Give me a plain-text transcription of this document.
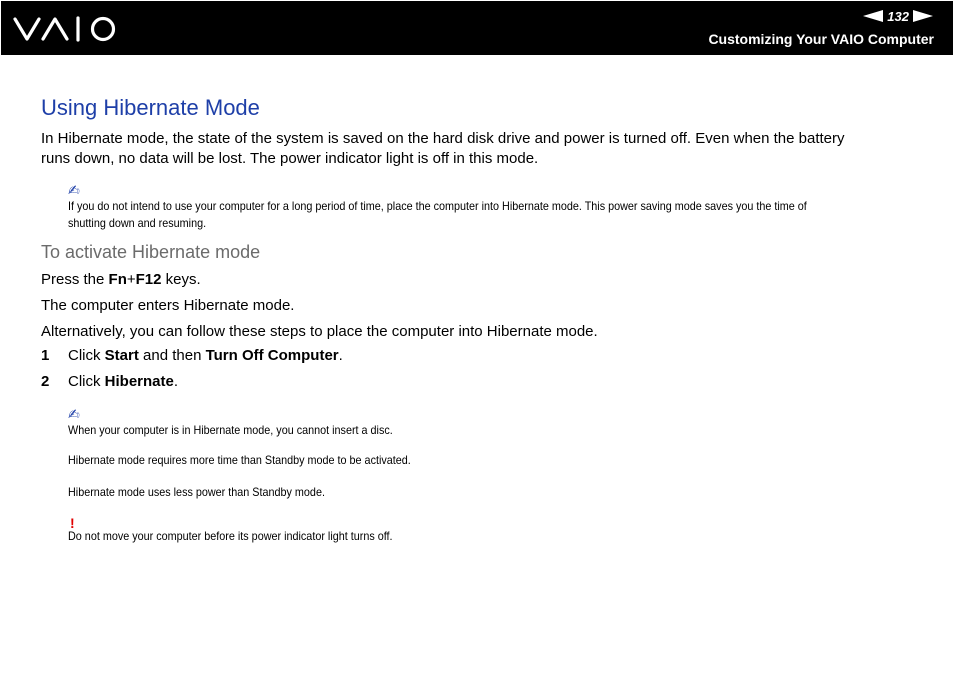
132
Customizing Your VAIO Computer
Using Hibernate Mode

In Hibernate mode, the state of the system is saved on the hard disk drive and power is turned off. Even when the battery

runs down, no data will be lost. The power indicator light is off in this mode.

✍

If you do not intend to use your computer for a long period of time, place the computer into Hibernate mode. This power saving mode saves you the time of shutting down and resuming.

To activate Hibernate mode

Press the Fn+F12 keys.

The computer enters Hibernate mode.

Alternatively, you can follow these steps to place the computer into Hibernate mode.

1 Click Start and then Turn Off Computer.
2 Click Hibernate.
✍

When your computer is in Hibernate mode, you cannot insert a disc.

Hibernate mode requires more time than Standby mode to be activated.

Hibernate mode uses less power than Standby mode.

!

Do not move your computer before its power indicator light turns off.
